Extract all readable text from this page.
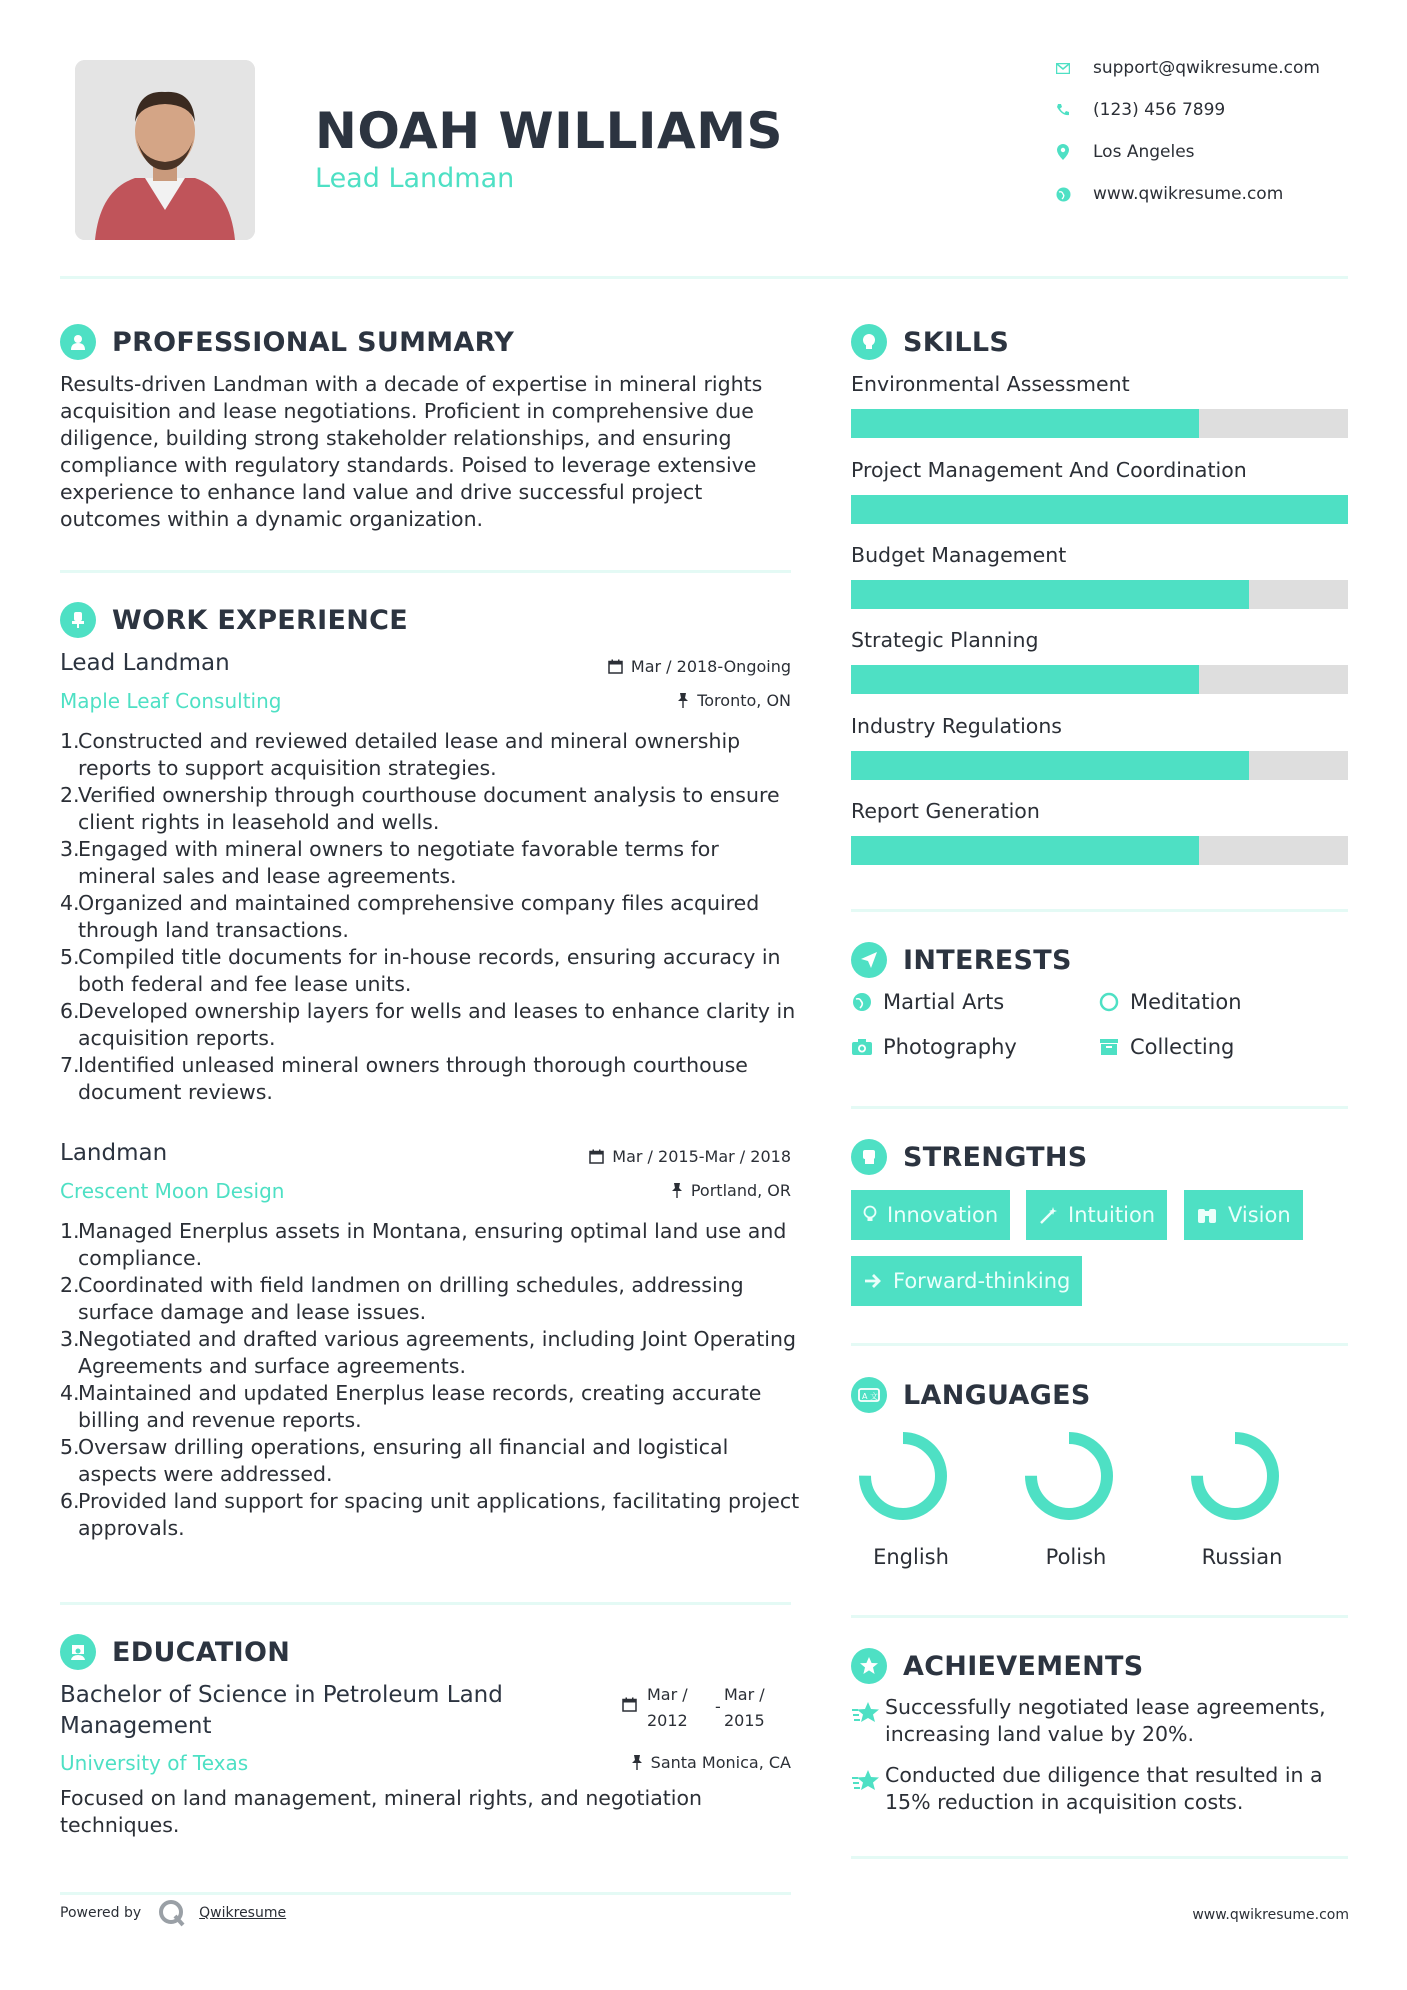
NOAH WILLIAMS
Lead Landman
support@qwikresume.com
(123) 456 7899
Los Angeles
www.qwikresume.com
PROFESSIONAL SUMMARY
Results-driven Landman with a decade of expertise in mineral rights acquisition and lease negotiations. Proficient in comprehensive due diligence, building strong stakeholder relationships, and ensuring compliance with regulatory standards. Poised to leverage extensive experience to enhance land value and drive successful project outcomes within a dynamic organization.
WORK EXPERIENCE
Lead Landman
Maple Leaf Consulting
Mar / 2018-Ongoing
Toronto, ON
1.
Constructed and reviewed detailed lease and mineral ownership reports to support acquisition strategies.
2.
Verified ownership through courthouse document analysis to ensure client rights in leasehold and wells.
3.
Engaged with mineral owners to negotiate favorable terms for mineral sales and lease agreements.
4.
Organized and maintained comprehensive company files acquired through land transactions.
5.
Compiled title documents for in-house records, ensuring accuracy in both federal and fee lease units.
6.
Developed ownership layers for wells and leases to enhance clarity in acquisition reports.
7.
Identified unleased mineral owners through thorough courthouse document reviews.
Landman
Crescent Moon Design
Mar / 2015-Mar / 2018
Portland, OR
1.
Managed Enerplus assets in Montana, ensuring optimal land use and compliance.
2.
Coordinated with field landmen on drilling schedules, addressing surface damage and lease issues.
3.
Negotiated and drafted various agreements, including Joint Operating Agreements and surface agreements.
4.
Maintained and updated Enerplus lease records, creating accurate billing and revenue reports.
5.
Oversaw drilling operations, ensuring all financial and logistical aspects were addressed.
6.
Provided land support for spacing unit applications, facilitating project approvals.
EDUCATION
Bachelor of Science in Petroleum Land Management
University of Texas
Mar /
2012
-
Mar /
2015
Santa Monica, CA
Focused on land management, mineral rights, and negotiation techniques.
Powered by	Qwikresume	www.qwikresume.com
SKILLS
Environmental Assessment
Project Management And Coordination
Budget Management
Strategic Planning
Industry Regulations
Report Generation
INTERESTS
Martial Arts	Meditation
Photography	Collecting
STRENGTHS
Innovation	Intuition	Vision
Forward-thinking
A 文 LANGUAGES
English	Polish	Russian
ACHIEVEMENTS
Successfully negotiated lease agreements, increasing land value by 20%.
Conducted due diligence that resulted in a 15% reduction in acquisition costs.
